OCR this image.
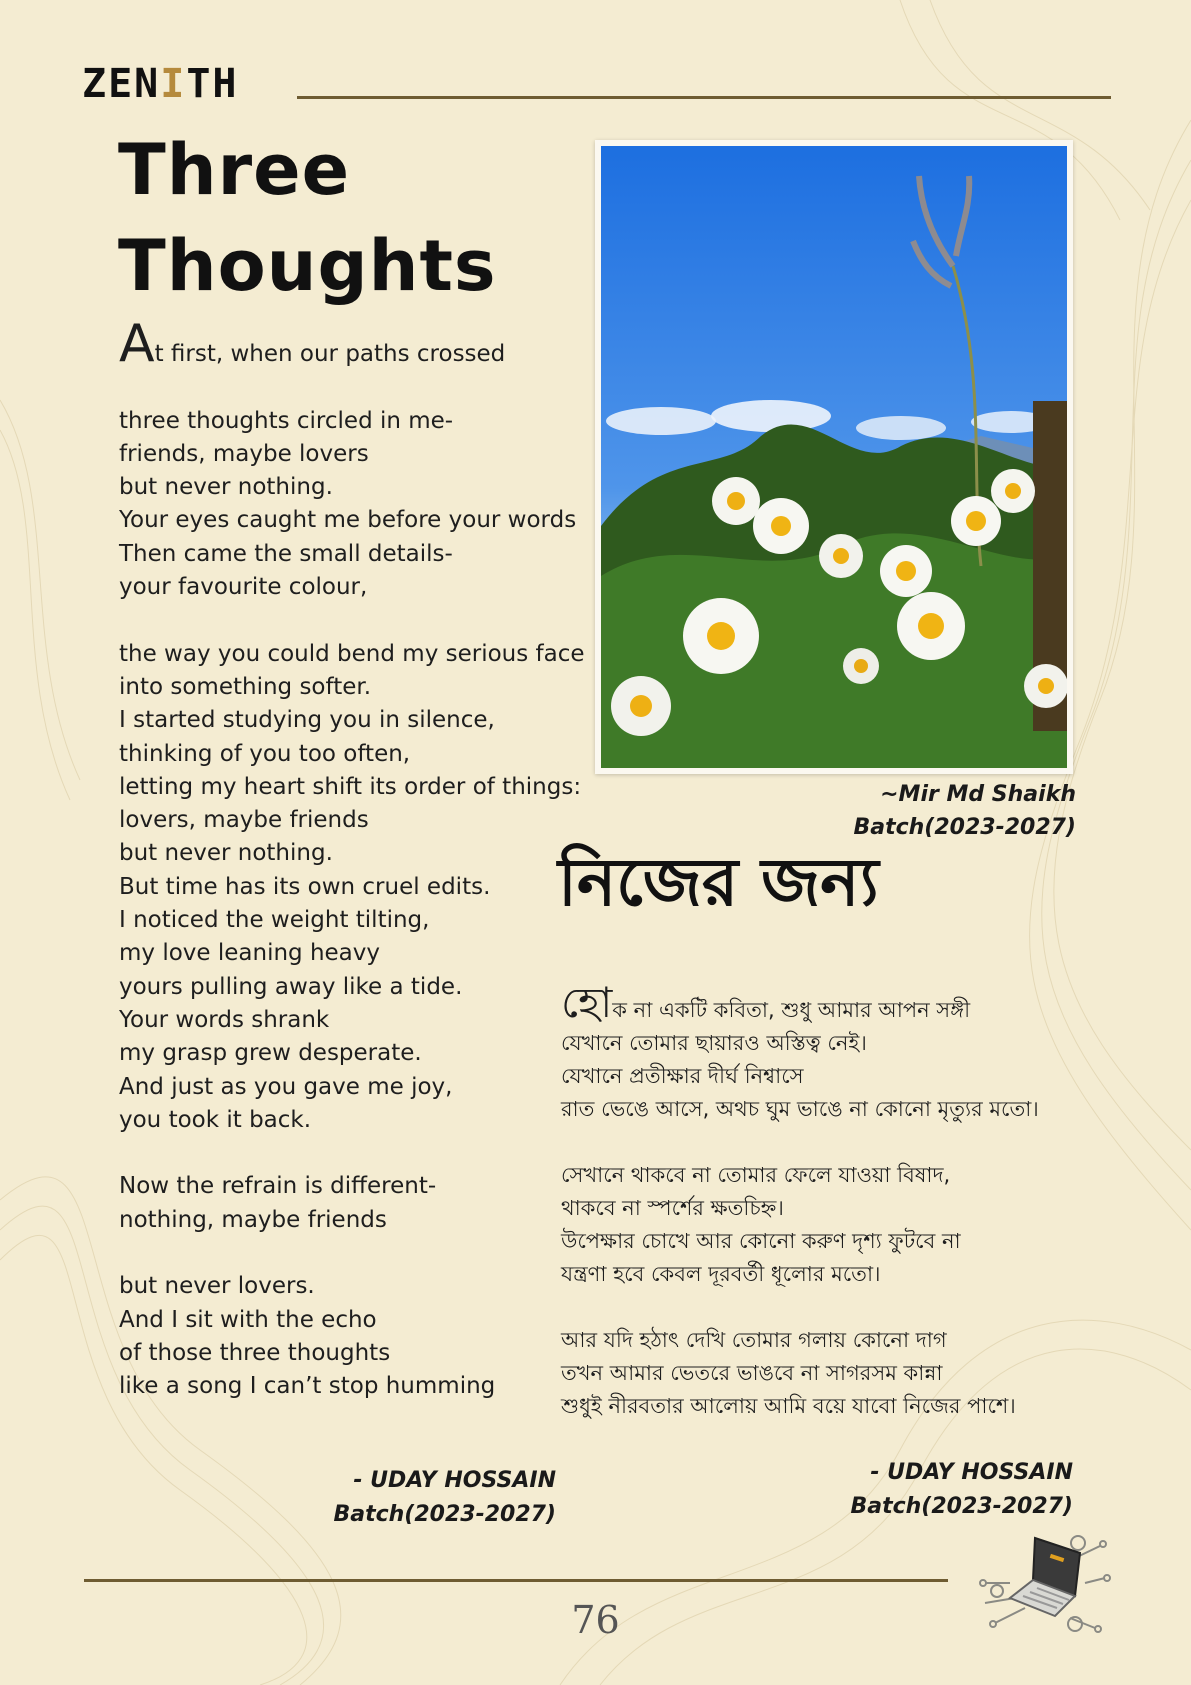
ZENITH
Three
Thoughts
At first, when our paths crossed
three thoughts circled in me-
friends, maybe lovers
but never nothing.
Your eyes caught me before your words
Then came the small details-
your favourite colour,
the way you could bend my serious face
into something softer.
I started studying you in silence,
thinking of you too often,
letting my heart shift its order of things:
lovers, maybe friends
but never nothing.
But time has its own cruel edits.
I noticed the weight tilting,
my love leaning heavy
yours pulling away like a tide.
Your words shrank
my grasp grew desperate.
And just as you gave me joy,
you took it back.
Now the refrain is different-
nothing, maybe friends
but never lovers.
And I sit with the echo
of those three thoughts
like a song I can’t stop humming
- UDAY HOSSAIN
Batch(2023-2027)
~Mir Md Shaikh
Batch(2023-2027)
নিজের জন্য
হোক না একটি কবিতা, শুধু আমার আপন সঙ্গী
যেখানে তোমার ছায়ারও অস্তিত্ব নেই।
যেখানে প্রতীক্ষার দীর্ঘ নিশ্বাসে
রাত ভেঙে আসে, অথচ ঘুম ভাঙে না কোনো মৃত্যুর মতো।
সেখানে থাকবে না তোমার ফেলে যাওয়া বিষাদ,
থাকবে না স্পর্শের ক্ষতচিহ্ন।
উপেক্ষার চোখে আর কোনো করুণ দৃশ্য ফুটবে না
যন্ত্রণা হবে কেবল দূরবর্তী ধূলোর মতো।
আর যদি হঠাৎ দেখি তোমার গলায় কোনো দাগ
তখন আমার ভেতরে ভাঙবে না সাগরসম কান্না
শুধুই নীরবতার আলোয় আমি বয়ে যাবো নিজের পাশে।
- UDAY HOSSAIN
Batch(2023-2027)
76
